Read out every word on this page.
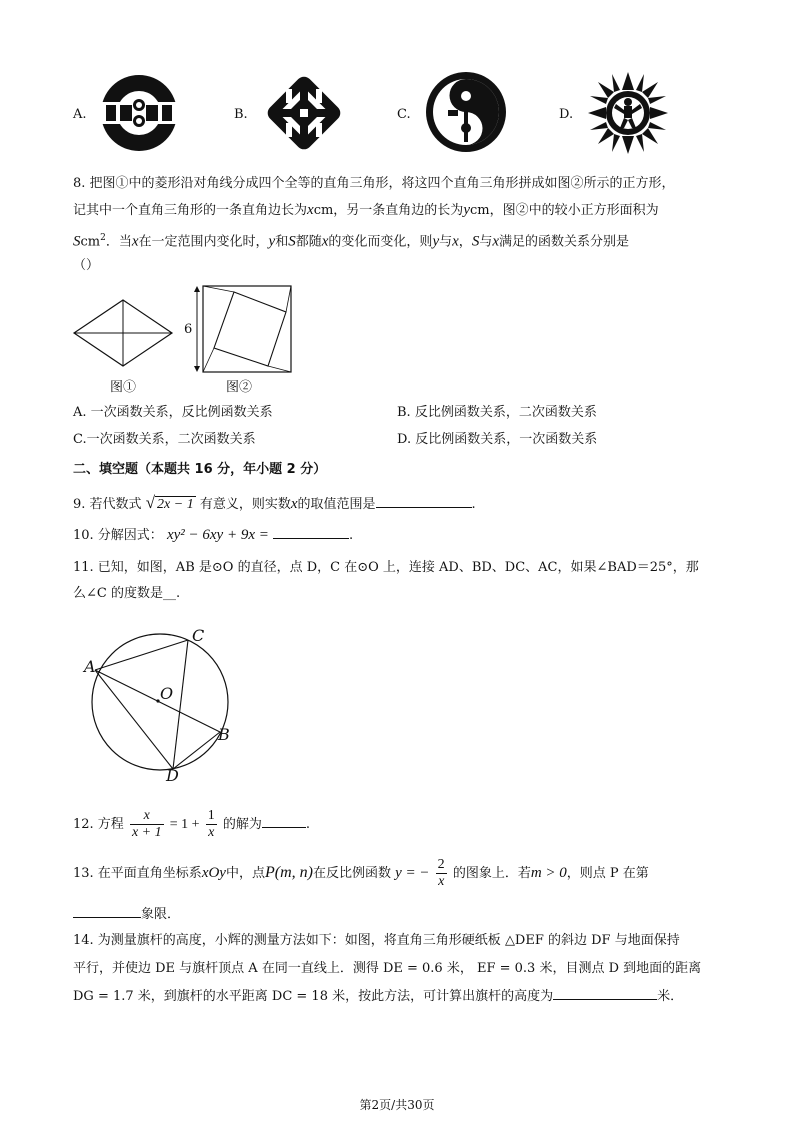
A.	B.	C.	D.
8. 把图①中的菱形沿对角线分成四个全等的直角三角形，将这四个直角三角形拼成如图②所示的正方形，
记其中一个直角三角形的一条直角边长为xcm，另一条直角边的长为ycm，图②中的较小正方形面积为
Scm$^2$．当x在一定范围内变化时，y和S都随x的变化而变化，则y与x，S与x满足的函数关系分别是
（）
图①
6
图②
A. 一次函数关系，反比例函数关系	B. 反比例函数关系，二次函数关系
C.一次函数关系，二次函数关系	D. 反比例函数关系，一次函数关系
二、填空题（本题共 16 分，年小题 2 分）
9. 若代数式 √ 2x − 1 有意义，则实数x的取值范围是	.
10. 分解因式： xy² − 6xy + 9x =	.
11. 已知，如图，AB 是⊙O 的直径，点 D，C 在⊙O 上，连接 AD、BD、DC、AC，如果∠BAD＝25°，那
么∠C 的度数是__.
A
C
O
B
D
12. 方程 $\frac{x}{x + 1} = 1 + \frac{1}{x}$ 的解为	.
13. 在平面直角坐标系xOy中，点P(m, n)在反比例函数 y = − $\frac{2}{x}$ 的图象上．若m > 0，则点 P 在第
象限．
14. 为测量旗杆的高度，小辉的测量方法如下：如图，将直角三角形硬纸板 △DEF 的斜边 DF 与地面保持
平行，并使边 DE 与旗杆顶点 A 在同一直线上．测得 DE = 0.6 米， EF = 0.3 米，目测点 D 到地面的距离
DG = 1.7 米，到旗杆的水平距离 DC = 18 米，按此方法，可计算出旗杆的高度为	米．
第2页/共30页
